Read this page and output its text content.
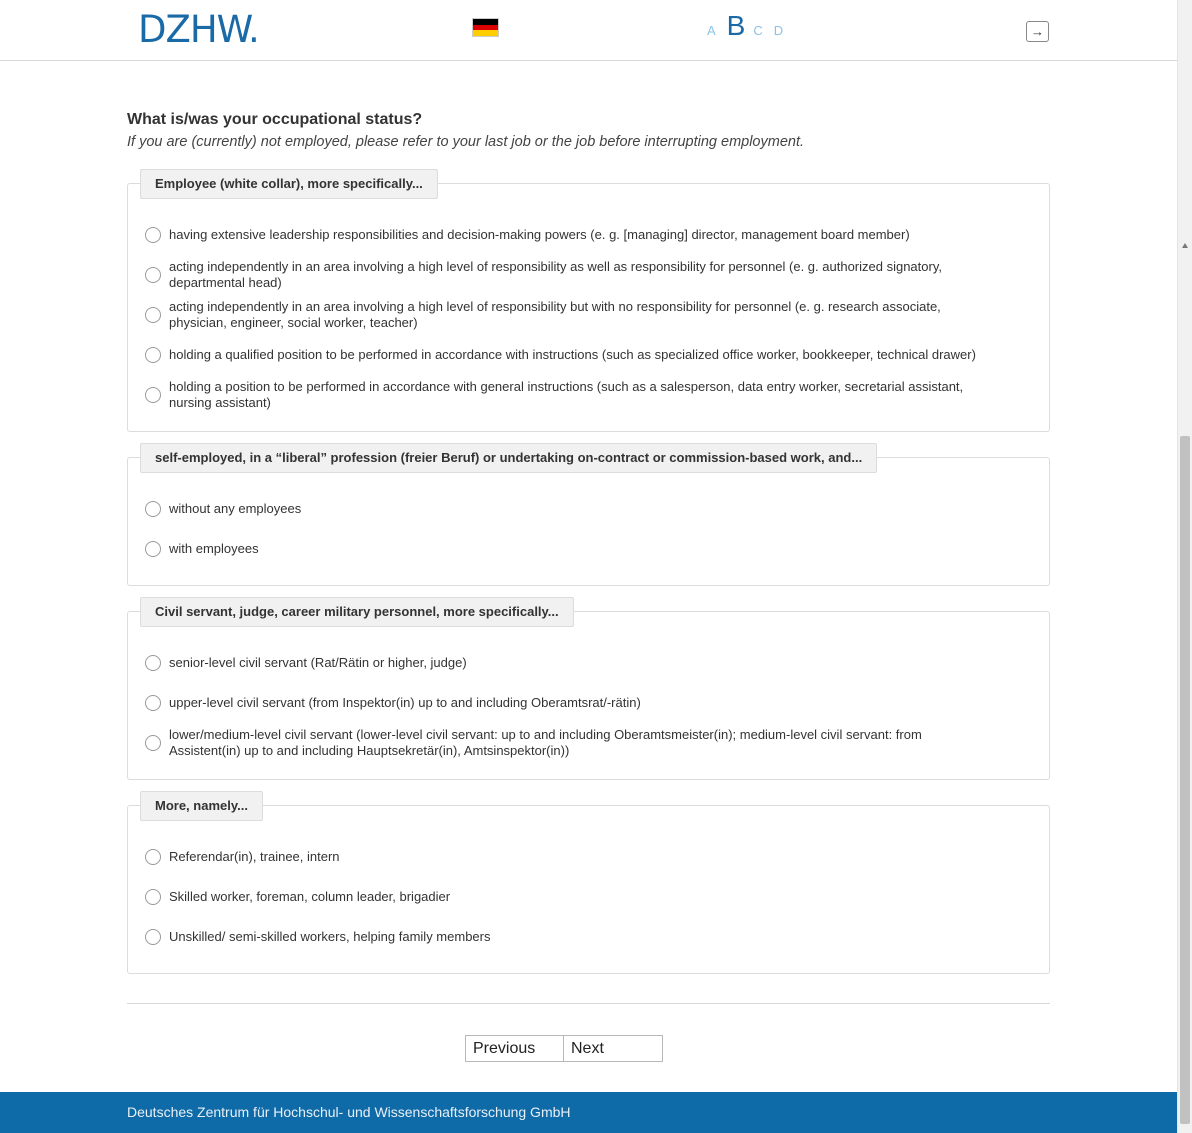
DZHW.	A B C D	→
What is/was your occupational status?
If you are (currently) not employed, please refer to your last job or the job before interrupting employment.
Employee (white collar), more specifically...
having extensive leadership responsibilities and decision-making powers (e. g. [managing] director, management board member)
acting independently in an area involving a high level of responsibility as well as responsibility for personnel (e. g. authorized signatory, departmental head)
acting independently in an area involving a high level of responsibility but with no responsibility for personnel (e. g. research associate, physician, engineer, social worker, teacher)
holding a qualified position to be performed in accordance with instructions (such as specialized office worker, bookkeeper, technical drawer)
holding a position to be performed in accordance with general instructions (such as a salesperson, data entry worker, secretarial assistant, nursing assistant)
self-employed, in a “liberal” profession (freier Beruf) or undertaking on-contract or commission-based work, and...
without any employees
with employees
Civil servant, judge, career military personnel, more specifically...
senior-level civil servant (Rat/Rätin or higher, judge)
upper-level civil servant (from Inspektor(in) up to and including Oberamtsrat/-rätin)
lower/medium-level civil servant (lower-level civil servant: up to and including Oberamtsmeister(in); medium-level civil servant: from Assistent(in) up to and including Hauptsekretär(in), Amtsinspektor(in))
More, namely...
Referendar(in), trainee, intern
Skilled worker, foreman, column leader, brigadier
Unskilled/ semi-skilled workers, helping family members
Previous	Next
Deutsches Zentrum für Hochschul- und Wissenschaftsforschung GmbH
